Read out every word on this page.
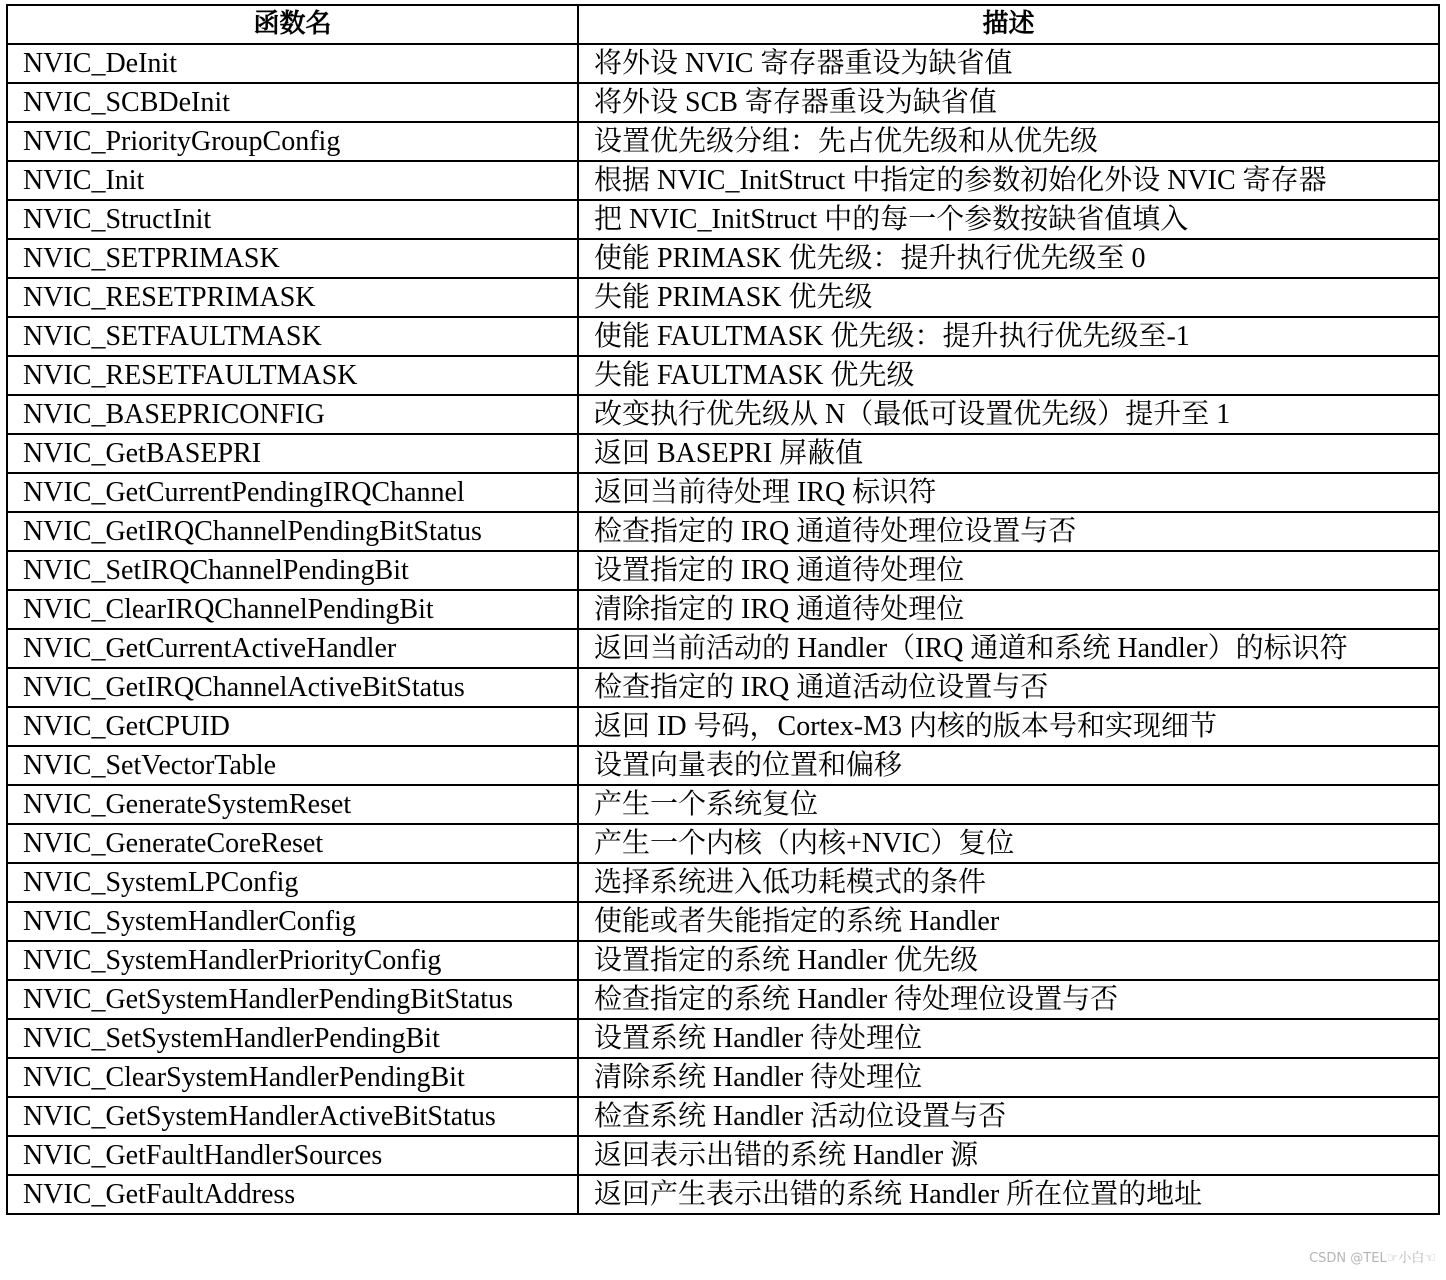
函数名	描述
NVIC_DeInit	将外设 NVIC 寄存器重设为缺省值
NVIC_SCBDeInit	将外设 SCB 寄存器重设为缺省值
NVIC_PriorityGroupConfig	设置优先级分组：先占优先级和从优先级
NVIC_Init	根据 NVIC_InitStruct 中指定的参数初始化外设 NVIC 寄存器
NVIC_StructInit	把 NVIC_InitStruct 中的每一个参数按缺省值填入
NVIC_SETPRIMASK	使能 PRIMASK 优先级：提升执行优先级至 0
NVIC_RESETPRIMASK	失能 PRIMASK 优先级
NVIC_SETFAULTMASK	使能 FAULTMASK 优先级：提升执行优先级至-1
NVIC_RESETFAULTMASK	失能 FAULTMASK 优先级
NVIC_BASEPRICONFIG	改变执行优先级从 N（最低可设置优先级）提升至 1
NVIC_GetBASEPRI	返回 BASEPRI 屏蔽值
NVIC_GetCurrentPendingIRQChannel	返回当前待处理 IRQ 标识符
NVIC_GetIRQChannelPendingBitStatus	检查指定的 IRQ 通道待处理位设置与否
NVIC_SetIRQChannelPendingBit	设置指定的 IRQ 通道待处理位
NVIC_ClearIRQChannelPendingBit	清除指定的 IRQ 通道待处理位
NVIC_GetCurrentActiveHandler	返回当前活动的 Handler（IRQ 通道和系统 Handler）的标识符
NVIC_GetIRQChannelActiveBitStatus	检查指定的 IRQ 通道活动位设置与否
NVIC_GetCPUID	返回 ID 号码，Cortex-M3 内核的版本号和实现细节
NVIC_SetVectorTable	设置向量表的位置和偏移
NVIC_GenerateSystemReset	产生一个系统复位
NVIC_GenerateCoreReset	产生一个内核（内核+NVIC）复位
NVIC_SystemLPConfig	选择系统进入低功耗模式的条件
NVIC_SystemHandlerConfig	使能或者失能指定的系统 Handler
NVIC_SystemHandlerPriorityConfig	设置指定的系统 Handler 优先级
NVIC_GetSystemHandlerPendingBitStatus	检查指定的系统 Handler 待处理位设置与否
NVIC_SetSystemHandlerPendingBit	设置系统 Handler 待处理位
NVIC_ClearSystemHandlerPendingBit	清除系统 Handler 待处理位
NVIC_GetSystemHandlerActiveBitStatus	检查系统 Handler 活动位设置与否
NVIC_GetFaultHandlerSources	返回表示出错的系统 Handler 源
NVIC_GetFaultAddress	返回产生表示出错的系统 Handler 所在位置的地址
CSDN @TEL☞小白☜
